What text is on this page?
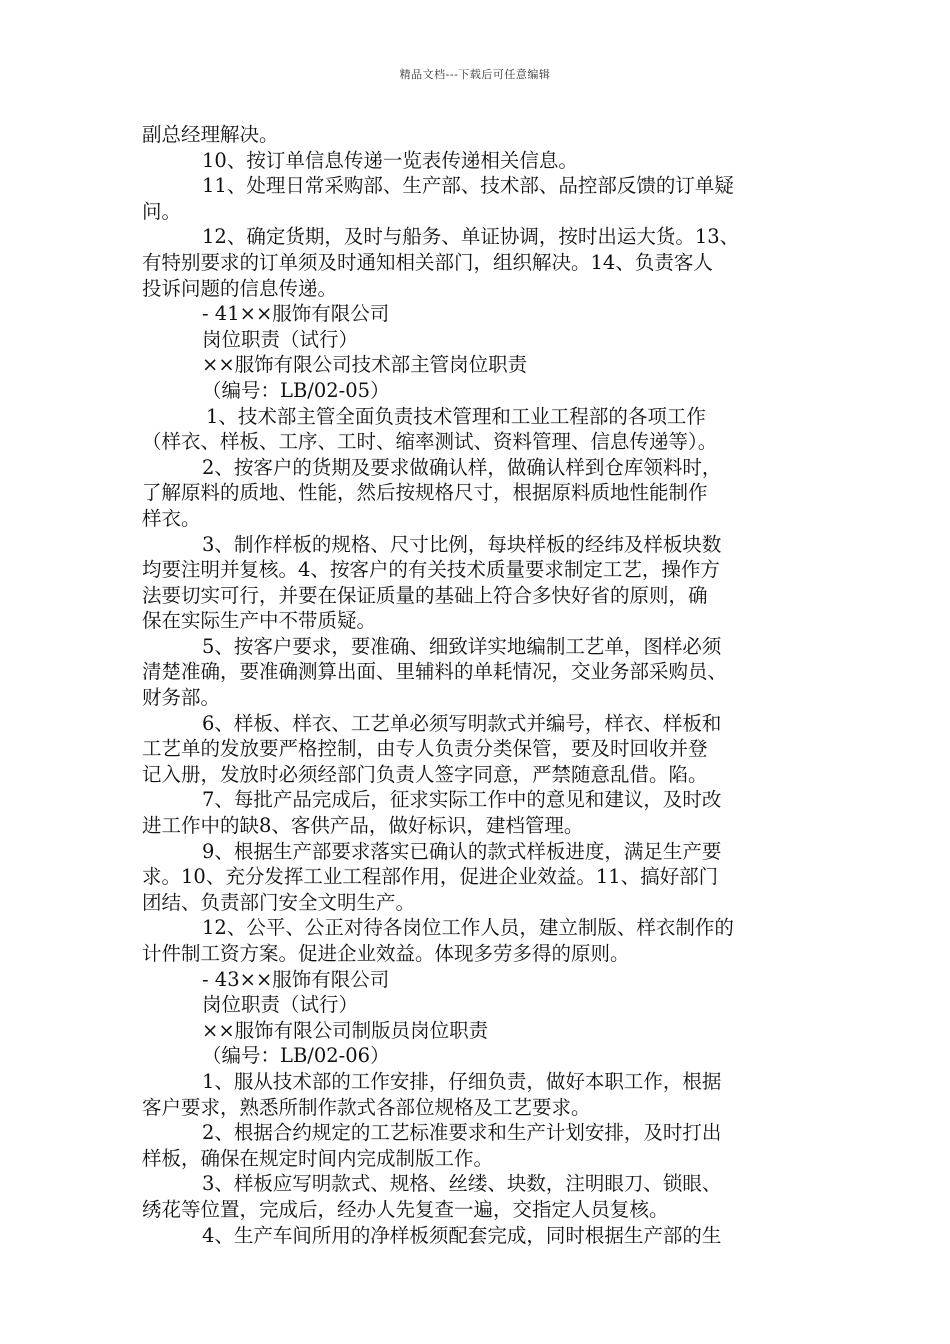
精品文档---下载后可任意编辑
副总经理解决。
10、按订单信息传递一览表传递相关信息。
11、处理日常采购部、生产部、技术部、品控部反馈的订单疑
问。
12、确定货期，及时与船务、单证协调，按时出运大货。13、
有特别要求的订单须及时通知相关部门，组织解决。14、负责客人
投诉问题的信息传递。
- 41××服饰有限公司
岗位职责（试行）
××服饰有限公司技术部主管岗位职责
（编号：LB/02-05）
1、技术部主管全面负责技术管理和工业工程部的各项工作
（样衣、样板、工序、工时、缩率测试、资料管理、信息传递等）。
2、按客户的货期及要求做确认样，做确认样到仓库领料时，
了解原料的质地、性能，然后按规格尺寸，根据原料质地性能制作
样衣。
3、制作样板的规格、尺寸比例，每块样板的经纬及样板块数
均要注明并复核。4、按客户的有关技术质量要求制定工艺，操作方
法要切实可行，并要在保证质量的基础上符合多快好省的原则，确
保在实际生产中不带质疑。
5、按客户要求，要准确、细致详实地编制工艺单，图样必须
清楚准确，要准确测算出面、里辅料的单耗情况，交业务部采购员、
财务部。
6、样板、样衣、工艺单必须写明款式并编号，样衣、样板和
工艺单的发放要严格控制，由专人负责分类保管，要及时回收并登
记入册，发放时必须经部门负责人签字同意，严禁随意乱借。陷。
7、每批产品完成后，征求实际工作中的意见和建议，及时改
进工作中的缺8、客供产品，做好标识，建档管理。
9、根据生产部要求落实已确认的款式样板进度，满足生产要
求。10、充分发挥工业工程部作用，促进企业效益。11、搞好部门
团结、负责部门安全文明生产。
12、公平、公正对待各岗位工作人员，建立制版、样衣制作的
计件制工资方案。促进企业效益。体现多劳多得的原则。
- 43××服饰有限公司
岗位职责（试行）
××服饰有限公司制版员岗位职责
（编号：LB/02-06）
1、服从技术部的工作安排，仔细负责，做好本职工作，根据
客户要求，熟悉所制作款式各部位规格及工艺要求。
2、根据合约规定的工艺标准要求和生产计划安排，及时打出
样板，确保在规定时间内完成制版工作。
3、样板应写明款式、规格、丝缕、块数，注明眼刀、锁眼、
绣花等位置，完成后，经办人先复查一遍，交指定人员复核。
4、生产车间所用的净样板须配套完成，同时根据生产部的生
